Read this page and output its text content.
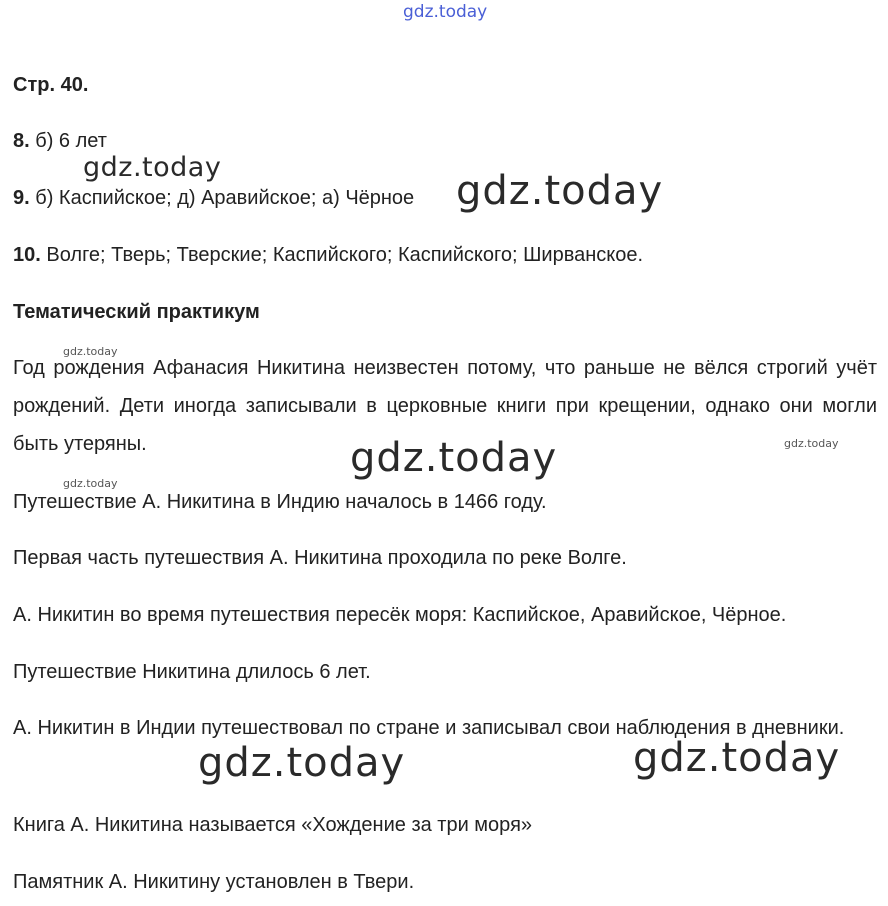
gdz.today
gdz.today
gdz.today
gdz.today
gdz.today
gdz.today
gdz.today
gdz.today	gdz.today
Стр. 40.
8. б) 6 лет
9. б) Каспийское; д) Аравийское; а) Чёрное
10. Волге; Тверь; Тверские; Каспийского; Каспийского; Ширванское.
Тематический практикум
Год рождения Афанасия Никитина неизвестен потому, что раньше не вёлся строгий учёт рождений. Дети иногда записывали в церковные книги при крещении, однако они могли быть утеряны.
Путешествие А. Никитина в Индию началось в 1466 году.
Первая часть путешествия А. Никитина проходила по реке Волге.
А. Никитин во время путешествия пересёк моря: Каспийское, Аравийское, Чёрное.
Путешествие Никитина длилось 6 лет.
А. Никитин в Индии путешествовал по стране и записывал свои наблюдения в дневники.
Книга А. Никитина называется «Хождение за три моря»
Памятник А. Никитину установлен в Твери.
